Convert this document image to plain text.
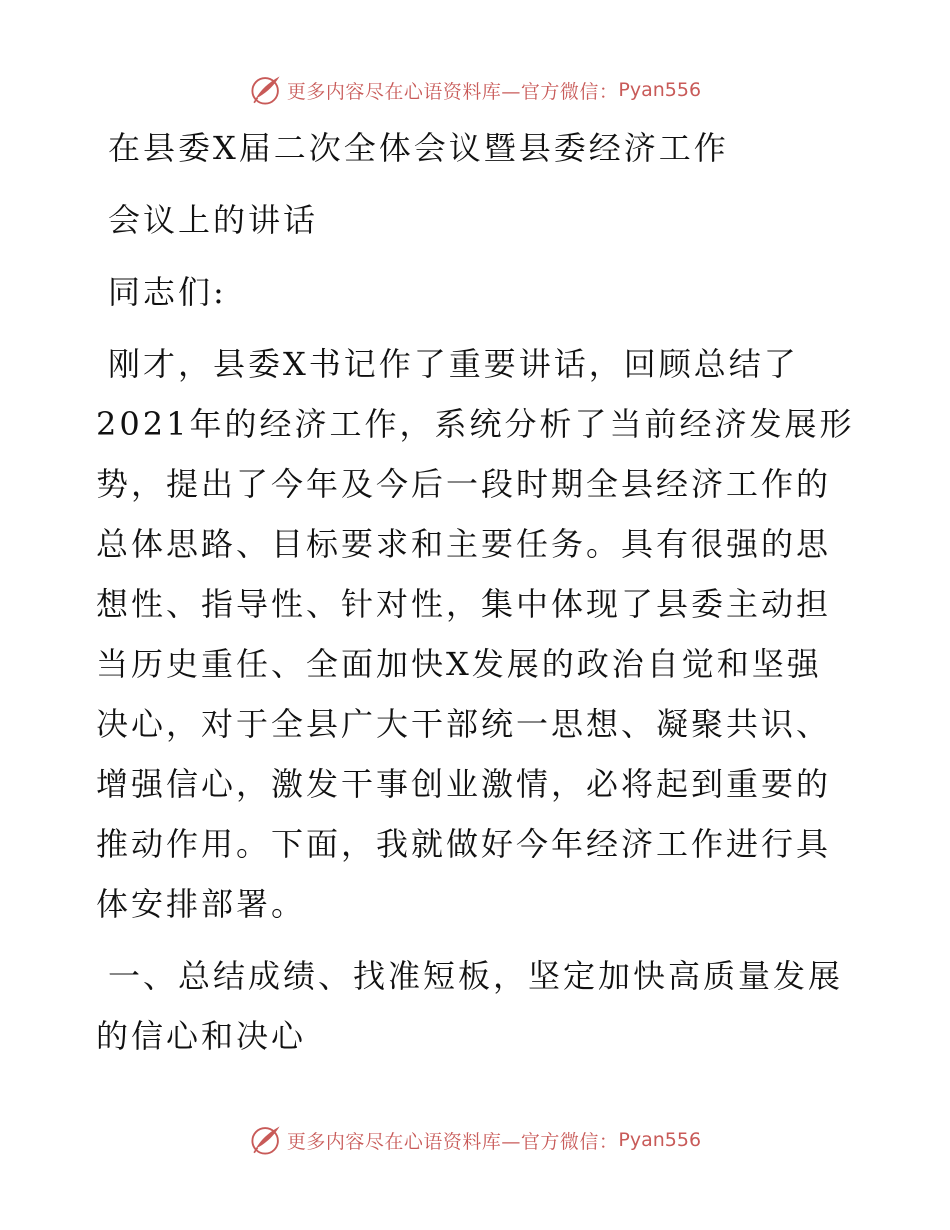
更多内容尽在心语资料库—官方微信： Pyan556

在县委X届二次全体会议暨县委经济工作

会议上的讲话

同志们:

刚才，县委X书记作了重要讲话，回顾总结了2021年的经济工作，系统分析了当前经济发展形势，提出了今年及今后一段时期全县经济工作的总体思路、目标要求和主要任务。具有很强的思想性、指导性、针对性，集中体现了县委主动担当历史重任、全面加快X发展的政治自觉和坚强决心，对于全县广大干部统一思想、凝聚共识、增强信心，激发干事创业激情，必将起到重要的推动作用。下面，我就做好今年经济工作进行具体安排部署。

一、总结成绩、找准短板，坚定加快高质量发展的信心和决心

更多内容尽在心语资料库—官方微信： Pyan556
